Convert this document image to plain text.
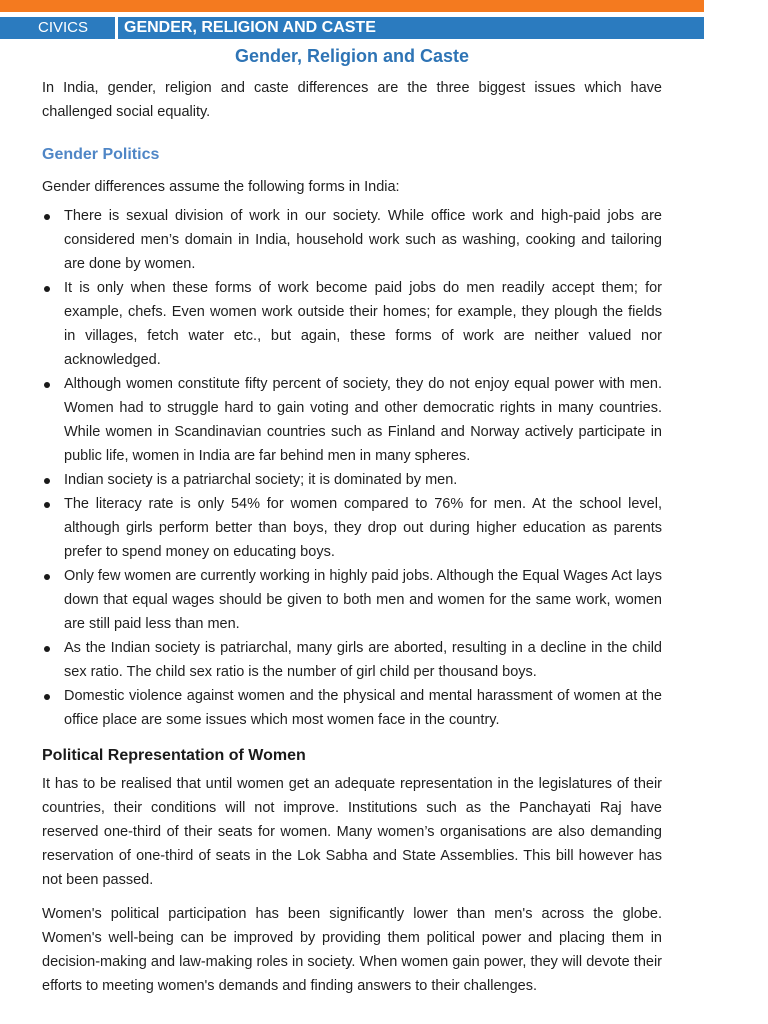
CIVICS	GENDER, RELIGION AND CASTE
Gender, Religion and Caste

In India, gender, religion and caste differences are the three biggest issues which have challenged social equality.

Gender Politics

Gender differences assume the following forms in India:

There is sexual division of work in our society. While office work and high-paid jobs are considered men’s domain in India, household work such as washing, cooking and tailoring are done by women.
It is only when these forms of work become paid jobs do men readily accept them; for example, chefs. Even women work outside their homes; for example, they plough the fields in villages, fetch water etc., but again, these forms of work are neither valued nor acknowledged.
Although women constitute fifty percent of society, they do not enjoy equal power with men. Women had to struggle hard to gain voting and other democratic rights in many countries. While women in Scandinavian countries such as Finland and Norway actively participate in public life, women in India are far behind men in many spheres.
Indian society is a patriarchal society; it is dominated by men.
The literacy rate is only 54% for women compared to 76% for men. At the school level, although girls perform better than boys, they drop out during higher education as parents prefer to spend money on educating boys.
Only few women are currently working in highly paid jobs. Although the Equal Wages Act lays down that equal wages should be given to both men and women for the same work, women are still paid less than men.
As the Indian society is patriarchal, many girls are aborted, resulting in a decline in the child sex ratio. The child sex ratio is the number of girl child per thousand boys.
Domestic violence against women and the physical and mental harassment of women at the office place are some issues which most women face in the country.
Political Representation of Women

It has to be realised that until women get an adequate representation in the legislatures of their countries, their conditions will not improve. Institutions such as the Panchayati Raj have reserved one-third of their seats for women. Many women’s organisations are also demanding reservation of one-third of seats in the Lok Sabha and State Assemblies. This bill however has not been passed.

Women's political participation has been significantly lower than men's across the globe. Women's well-being can be improved by providing them political power and placing them in decision-making and law-making roles in society. When women gain power, they will devote their efforts to meeting women's demands and finding answers to their challenges.
